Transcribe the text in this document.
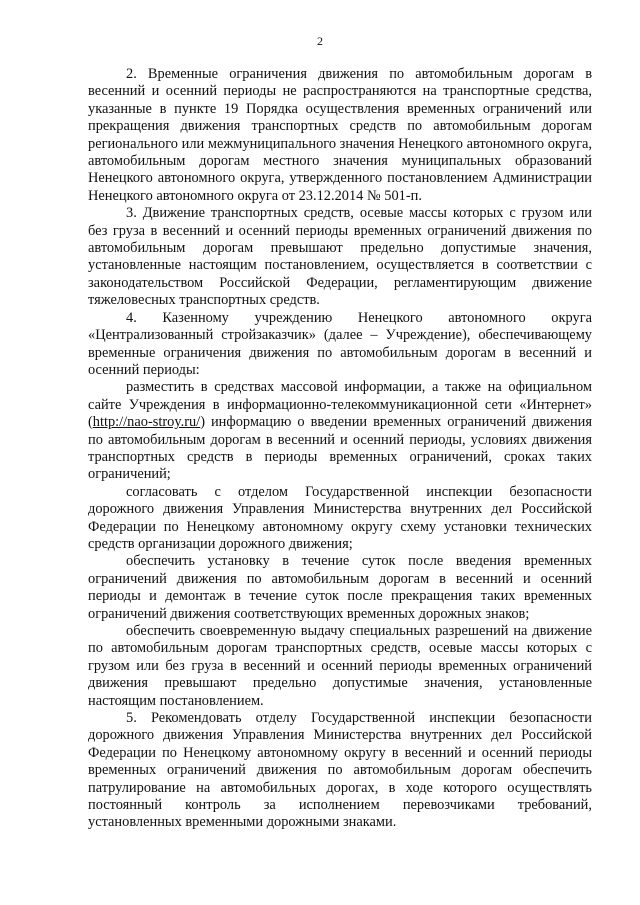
2

2. Временные ограничения движения по автомобильным дорогам в весенний и осенний периоды не распространяются на транспортные средства, указанные в пункте 19 Порядка осуществления временных ограничений или прекращения движения транспортных средств по автомобильным дорогам регионального или межмуниципального значения Ненецкого автономного округа, автомобильным дорогам местного значения муниципальных образований Ненецкого автономного округа, утвержденного постановлением Администрации Ненецкого автономного округа от 23.12.2014 № 501-п.

3. Движение транспортных средств, осевые массы которых с грузом или без груза в весенний и осенний периоды временных ограничений движения по автомобильным дорогам превышают предельно допустимые значения, установленные настоящим постановлением, осуществляется в соответствии с законодательством Российской Федерации, регламентирующим движение тяжеловесных транспортных средств.

4. Казенному учреждению Ненецкого автономного округа «Централизованный стройзаказчик» (далее – Учреждение), обеспечивающему временные ограничения движения по автомобильным дорогам в весенний и осенний периоды:

разместить в средствах массовой информации, а также на официальном сайте Учреждения в информационно-телекоммуникационной сети «Интернет» (http://nao-stroy.ru/) информацию о введении временных ограничений движения по автомобильным дорогам в весенний и осенний периоды, условиях движения транспортных средств в периоды временных ограничений, сроках таких ограничений;

согласовать с отделом Государственной инспекции безопасности дорожного движения Управления Министерства внутренних дел Российской Федерации по Ненецкому автономному округу схему установки технических средств организации дорожного движения;

обеспечить установку в течение суток после введения временных ограничений движения по автомобильным дорогам в весенний и осенний периоды и демонтаж в течение суток после прекращения таких временных ограничений движения соответствующих временных дорожных знаков;

обеспечить своевременную выдачу специальных разрешений на движение по автомобильным дорогам транспортных средств, осевые массы которых с грузом или без груза в весенний и осенний периоды временных ограничений движения превышают предельно допустимые значения, установленные настоящим постановлением.

5. Рекомендовать отделу Государственной инспекции безопасности дорожного движения Управления Министерства внутренних дел Российской Федерации по Ненецкому автономному округу в весенний и осенний периоды временных ограничений движения по автомобильным дорогам обеспечить патрулирование на автомобильных дорогах, в ходе которого осуществлять постоянный контроль за исполнением перевозчиками требований, установленных временными дорожными знаками.
